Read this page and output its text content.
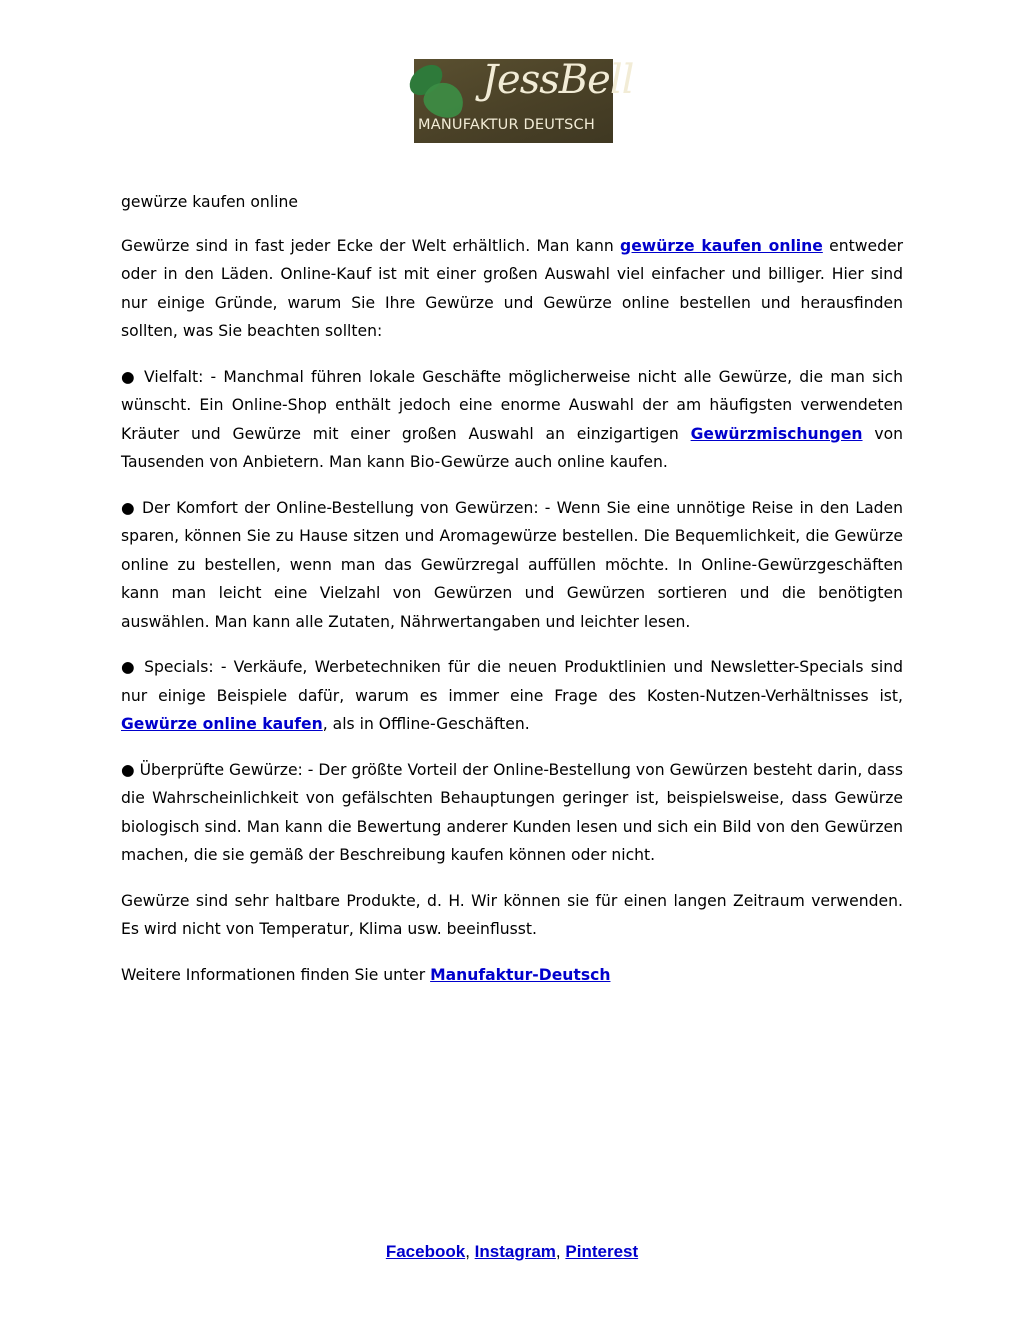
JessBell
MANUFAKTUR DEUTSCH

gewürze kaufen online

Gewürze sind in fast jeder Ecke der Welt erhältlich. Man kann gewürze kaufen online entweder oder in den Läden. Online-Kauf ist mit einer großen Auswahl viel einfacher und billiger. Hier sind nur einige Gründe, warum Sie Ihre Gewürze und Gewürze online bestellen und herausfinden sollten, was Sie beachten sollten:

● Vielfalt: - Manchmal führen lokale Geschäfte möglicherweise nicht alle Gewürze, die man sich wünscht. Ein Online-Shop enthält jedoch eine enorme Auswahl der am häufigsten verwendeten Kräuter und Gewürze mit einer großen Auswahl an einzigartigen Gewürzmischungen von Tausenden von Anbietern. Man kann Bio-Gewürze auch online kaufen.

● Der Komfort der Online-Bestellung von Gewürzen: - Wenn Sie eine unnötige Reise in den Laden sparen, können Sie zu Hause sitzen und Aromagewürze bestellen. Die Bequemlichkeit, die Gewürze online zu bestellen, wenn man das Gewürzregal auffüllen möchte. In Online-Gewürzgeschäften kann man leicht eine Vielzahl von Gewürzen und Gewürzen sortieren und die benötigten auswählen. Man kann alle Zutaten, Nährwertangaben und leichter lesen.

● Specials: - Verkäufe, Werbetechniken für die neuen Produktlinien und Newsletter-Specials sind nur einige Beispiele dafür, warum es immer eine Frage des Kosten-Nutzen-Verhältnisses ist, Gewürze online kaufen, als in Offline-Geschäften.

● Überprüfte Gewürze: - Der größte Vorteil der Online-Bestellung von Gewürzen besteht darin, dass die Wahrscheinlichkeit von gefälschten Behauptungen geringer ist, beispielsweise, dass Gewürze biologisch sind. Man kann die Bewertung anderer Kunden lesen und sich ein Bild von den Gewürzen machen, die sie gemäß der Beschreibung kaufen können oder nicht.

Gewürze sind sehr haltbare Produkte, d. H. Wir können sie für einen langen Zeitraum verwenden. Es wird nicht von Temperatur, Klima usw. beeinflusst.

Weitere Informationen finden Sie unter Manufaktur-Deutsch

Facebook, Instagram, Pinterest
